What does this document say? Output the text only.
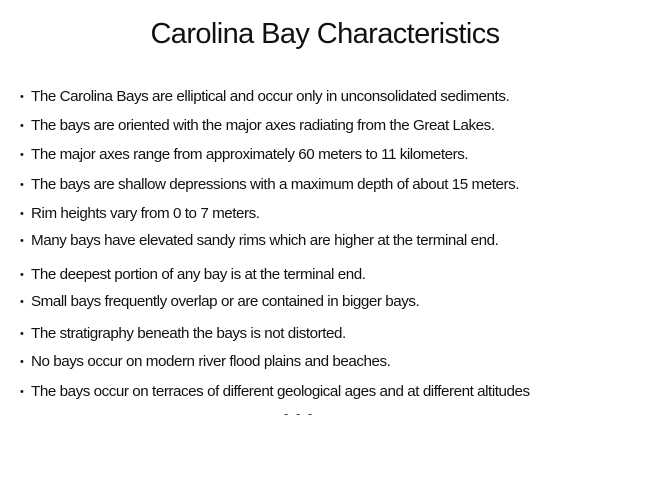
Carolina Bay Characteristics
• The Carolina Bays are elliptical and occur only in unconsolidated sediments.
• The bays are oriented with the major axes radiating from the Great Lakes.
• The major axes range from approximately 60 meters to 11 kilometers.
• The bays are shallow depressions with a maximum depth of about 15 meters.
• Rim heights vary from 0 to 7 meters.
• Many bays have elevated sandy rims which are higher at the terminal end.
• The deepest portion of any bay is at the terminal end.
• Small bays frequently overlap or are contained in bigger bays.
• The stratigraphy beneath the bays is not distorted.
• No bays occur on modern river flood plains and beaches.
• The bays occur on terraces of different geological ages and at different altitudes
- - -
